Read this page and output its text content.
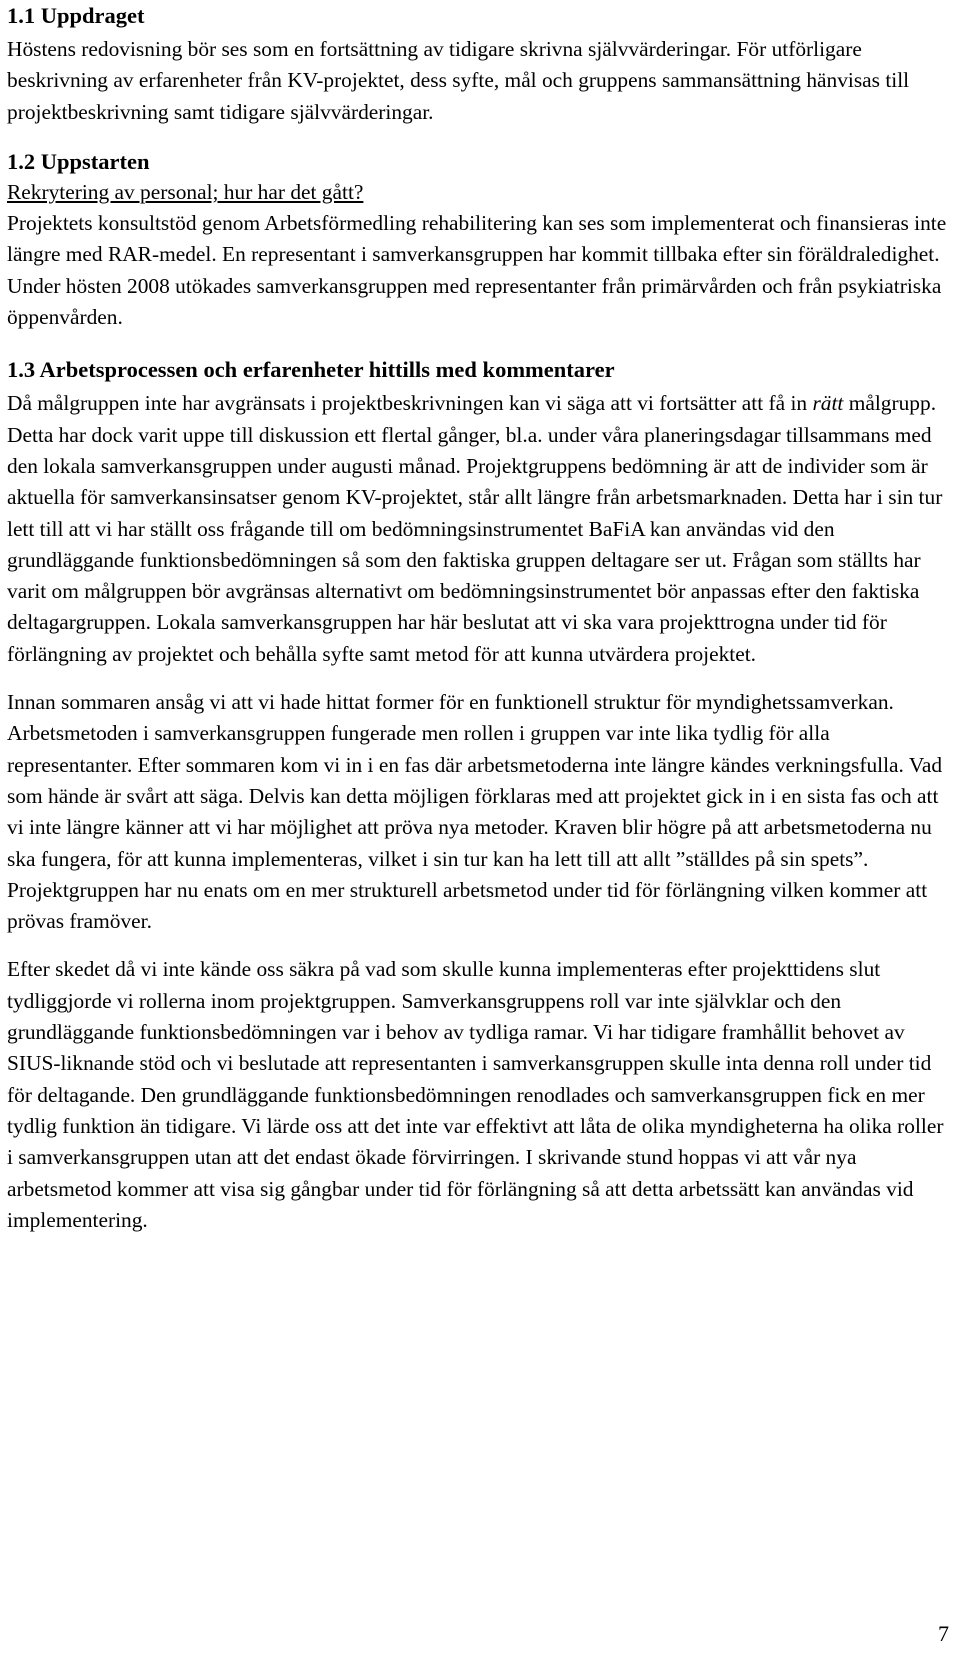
1.1 Uppdraget

Höstens redovisning bör ses som en fortsättning av tidigare skrivna självvärderingar. För utförligare beskrivning av erfarenheter från KV-projektet, dess syfte, mål och gruppens sammansättning hänvisas till projektbeskrivning samt tidigare självvärderingar.

1.2 Uppstarten

Rekrytering av personal; hur har det gått?

Projektets konsultstöd genom Arbetsförmedling rehabilitering kan ses som implementerat och finansieras inte längre med RAR-medel. En representant i samverkansgruppen har kommit tillbaka efter sin föräldraledighet. Under hösten 2008 utökades samverkansgruppen med representanter från primärvården och från psykiatriska öppenvården.

1.3 Arbetsprocessen och erfarenheter hittills med kommentarer

Då målgruppen inte har avgränsats i projektbeskrivningen kan vi säga att vi fortsätter att få in rätt målgrupp. Detta har dock varit uppe till diskussion ett flertal gånger, bl.a. under våra planeringsdagar tillsammans med den lokala samverkansgruppen under augusti månad. Projektgruppens bedömning är att de individer som är aktuella för samverkansinsatser genom KV-projektet, står allt längre från arbetsmarknaden. Detta har i sin tur lett till att vi har ställt oss frågande till om bedömningsinstrumentet BaFiA kan användas vid den grundläggande funktionsbedömningen så som den faktiska gruppen deltagare ser ut. Frågan som ställts har varit om målgruppen bör avgränsas alternativt om bedömningsinstrumentet bör anpassas efter den faktiska deltagargruppen. Lokala samverkansgruppen har här beslutat att vi ska vara projekttrogna under tid för förlängning av projektet och behålla syfte samt metod för att kunna utvärdera projektet.

Innan sommaren ansåg vi att vi hade hittat former för en funktionell struktur för myndighetssamverkan. Arbetsmetoden i samverkansgruppen fungerade men rollen i gruppen var inte lika tydlig för alla representanter. Efter sommaren kom vi in i en fas där arbetsmetoderna inte längre kändes verkningsfulla. Vad som hände är svårt att säga. Delvis kan detta möjligen förklaras med att projektet gick in i en sista fas och att vi inte längre känner att vi har möjlighet att pröva nya metoder. Kraven blir högre på att arbetsmetoderna nu ska fungera, för att kunna implementeras, vilket i sin tur kan ha lett till att allt ”ställdes på sin spets”. Projektgruppen har nu enats om en mer strukturell arbetsmetod under tid för förlängning vilken kommer att prövas framöver.

Efter skedet då vi inte kände oss säkra på vad som skulle kunna implementeras efter projekttidens slut tydliggjorde vi rollerna inom projektgruppen. Samverkansgruppens roll var inte självklar och den grundläggande funktionsbedömningen var i behov av tydliga ramar. Vi har tidigare framhållit behovet av SIUS-liknande stöd och vi beslutade att representanten i samverkansgruppen skulle inta denna roll under tid för deltagande. Den grundläggande funktionsbedömningen renodlades och samverkansgruppen fick en mer tydlig funktion än tidigare. Vi lärde oss att det inte var effektivt att låta de olika myndigheterna ha olika roller i samverkansgruppen utan att det endast ökade förvirringen. I skrivande stund hoppas vi att vår nya arbetsmetod kommer att visa sig gångbar under tid för förlängning så att detta arbetssätt kan användas vid implementering.

7
